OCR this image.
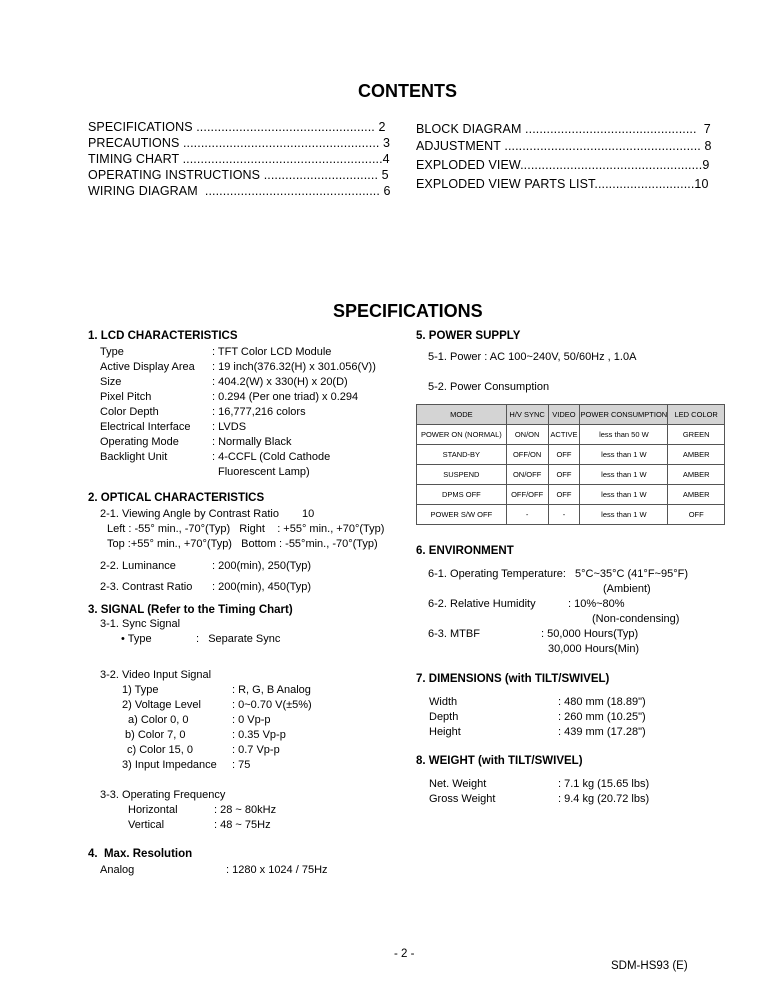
CONTENTS
SPECIFICATIONS .................................................. 2
PRECAUTIONS ....................................................... 3
TIMING CHART ........................................................4
OPERATING INSTRUCTIONS ................................ 5
WIRING DIAGRAM  ................................................. 6
BLOCK DIAGRAM ................................................  7
ADJUSTMENT ....................................................... 8
EXPLODED VIEW...................................................9
EXPLODED VIEW PARTS LIST............................10
SPECIFICATIONS
1. LCD CHARACTERISTICS
Type	: TFT Color LCD Module
Active Display Area : 19 inch(376.32(H) x 301.056(V))
Size	: 404.2(W) x 330(H) x 20(D)
Pixel Pitch	: 0.294 (Per one triad) x 0.294
Color Depth	: 16,777,216 colors
Electrical Interface : LVDS
Operating Mode	: Normally Black
Backlight Unit	: 4-CCFL (Cold Cathode
Fluorescent Lamp)
2. OPTICAL CHARACTERISTICS
2-1. Viewing Angle by Contrast Ratio 10
Left : -55° min., -70°(Typ)   Right    : +55° min., +70°(Typ)
Top :+55° min., +70°(Typ)   Bottom : -55°min., -70°(Typ)
2-2. Luminance	: 200(min), 250(Typ)
2-3. Contrast Ratio : 200(min), 450(Typ)
3. SIGNAL (Refer to the Timing Chart)
3-1. Sync Signal
• Type	:   Separate Sync
3-2. Video Input Signal
1) Type	: R, G, B Analog
2) Voltage Level	: 0~0.70 V(±5%)
a) Color 0, 0	: 0 Vp-p
b) Color 7, 0	: 0.35 Vp-p
c) Color 15, 0	: 0.7 Vp-p
3) Input Impedance : 75
3-3. Operating Frequency
Horizontal	: 28 ~ 80kHz
Vertical	: 48 ~ 75Hz
4.  Max. Resolution
Analog	: 1280 x 1024 / 75Hz
5. POWER SUPPLY
5-1. Power : AC 100~240V, 50/60Hz , 1.0A
5-2. Power Consumption
MODE	H/V SYNC	VIDEO	POWER CONSUMPTION	LED COLOR
POWER ON (NORMAL)	ON/ON	ACTIVE	less than 50 W	GREEN
STAND-BY	OFF/ON	OFF	less than 1 W	AMBER
SUSPEND	ON/OFF	OFF	less than 1 W	AMBER
DPMS OFF	OFF/OFF	OFF	less than 1 W	AMBER
POWER S/W OFF	-	-	less than 1 W	OFF
6. ENVIRONMENT
6-1. Operating Temperature: 5°C~35°C (41°F~95°F)
(Ambient)
6-2. Relative Humidity	: 10%~80%
(Non-condensing)
6-3. MTBF	: 50,000 Hours(Typ)
30,000 Hours(Min)
7. DIMENSIONS (with TILT/SWIVEL)
Width	: 480 mm (18.89")
Depth	: 260 mm (10.25")
Height	: 439 mm (17.28")
8. WEIGHT (with TILT/SWIVEL)
Net. Weight	: 7.1 kg (15.65 lbs)
Gross Weight	: 9.4 kg (20.72 lbs)
- 2 -
SDM-HS93 (E)
